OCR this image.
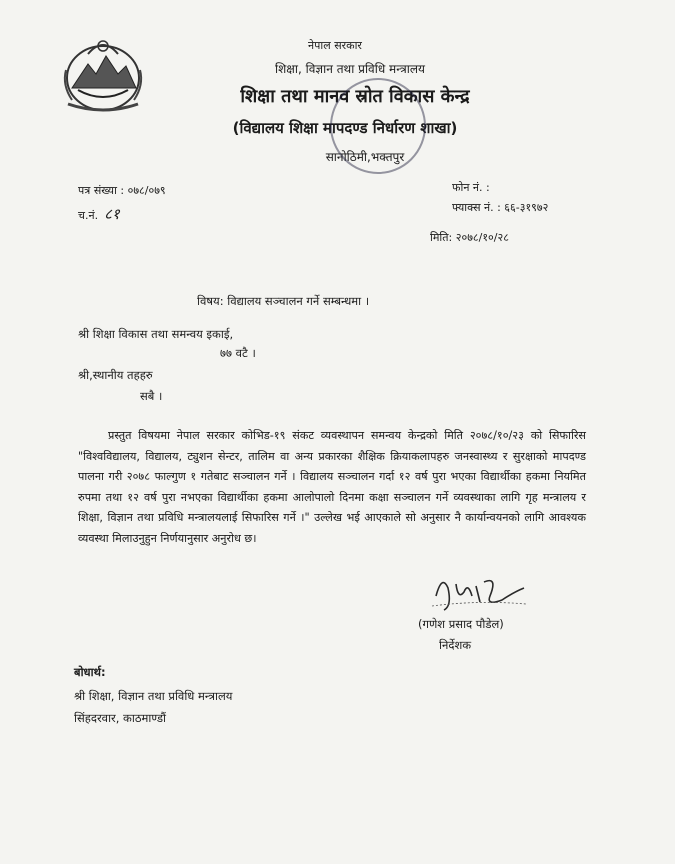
नेपाल सरकार
शिक्षा, विज्ञान तथा प्रविधि मन्त्रालय
शिक्षा तथा मानव स्रोत विकास केन्द्र
(विद्यालय शिक्षा मापदण्ड निर्धारण शाखा)
सानोठिमी,भक्तपुर
पत्र संख्या : ०७८/०७९
च.नं. ८१
फोन नं. :
फ्याक्स नं. : ६६-३१९७२
मिति: २०७८/१०/२८
विषय: विद्यालय सञ्चालन गर्ने सम्बन्धमा ।
श्री शिक्षा विकास तथा समन्वय इकाई,
७७ वटै ।
श्री,स्थानीय तहहरु
सबै ।

प्रस्तुत विषयमा नेपाल सरकार कोभिड-१९ संकट व्यवस्थापन समन्वय केन्द्रको मिति २०७८/१०/२३ को सिफारिस "विश्वविद्यालय, विद्यालय, ट्युशन सेन्टर, तालिम वा अन्य प्रकारका शैक्षिक क्रियाकलापहरु जनस्वास्थ्य र सुरक्षाको मापदण्ड पालना गरी २०७८ फाल्गुण १ गतेबाट सञ्चालन गर्ने । विद्यालय सञ्चालन गर्दा १२ वर्ष पुरा भएका विद्यार्थीका हकमा नियमित रुपमा तथा १२ वर्ष पुरा नभएका विद्यार्थीका हकमा आलोपालो दिनमा कक्षा सञ्चालन गर्ने व्यवस्थाका लागि गृह मन्त्रालय र शिक्षा, विज्ञान तथा प्रविधि मन्त्रालयलाई सिफारिस गर्ने ।" उल्लेख भई आएकाले सो अनुसार नै कार्यान्वयनको लागि आवश्यक व्यवस्था मिलाउनुहुन निर्णयानुसार अनुरोध छ।

(गणेश प्रसाद पौडेल)
निर्देशक
बोधार्थ:
श्री शिक्षा, विज्ञान तथा प्रविधि मन्त्रालय
सिंहदरवार, काठमाण्डौं
